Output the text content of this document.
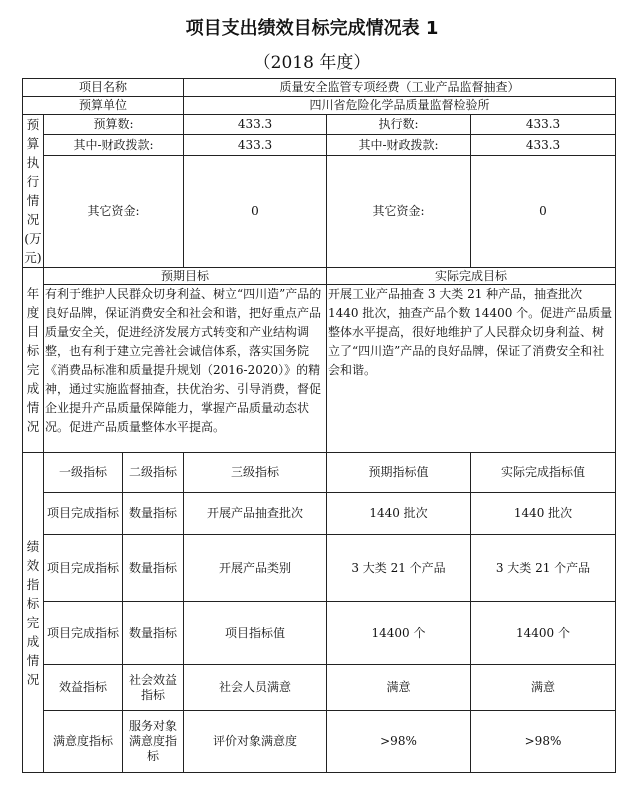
项目支出绩效目标完成情况表 1
（2018 年度）
项目名称			质量安全监管专项经费（工业产品监督抽查）		
预算单位			四川省危险化学品质量监督检验所		

预算执行情况(万元)	预算数:		433.3	执行数:	433.3
	其中-财政拨款:		433.3	其中-财政拨款:	433.3
	其它资金:		0	其它资金:	0

年度目标完成情况	预期目标			实际完成目标	
	有利于维护人民群众切身利益、树立“四川造”产品的良好品牌，保证消费安全和社会和谐，把好重点产品质量安全关，促进经济发展方式转变和产业结构调整，也有利于建立完善社会诚信体系，落实国务院《消费品标准和质量提升规划（2016-2020）》的精神，通过实施监督抽查，扶优治劣、引导消费，督促企业提升产品质量保障能力，掌握产品质量动态状况。促进产品质量整体水平提高。			开展工业产品抽查 3 大类 21 种产品，抽查批次 1440 批次，抽查产品个数 14400 个。促进产品质量整体水平提高，很好地维护了人民群众切身利益、树立了“四川造”产品的良好品牌，保证了消费安全和社会和谐。	

绩效指标完成情况	一级指标	二级指标	三级指标	预期指标值	实际完成指标值
	项目完成指标	数量指标	开展产品抽查批次	1440 批次	1440 批次
	项目完成指标	数量指标	开展产品类别	3 大类 21 个产品	3 大类 21 个产品
	项目完成指标	数量指标	项目指标值	14400 个	14400 个
	效益指标	社会效益指标	社会人员满意	满意	满意
	满意度指标	服务对象满意度指标	评价对象满意度	>98%	>98%
